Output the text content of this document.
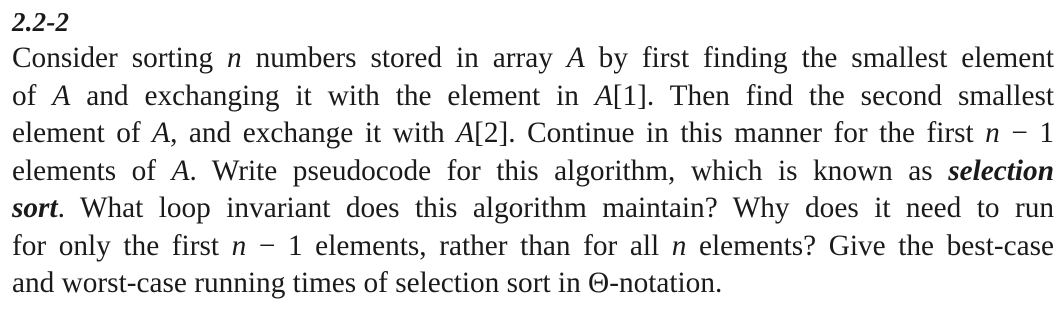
2.2-2
Consider sorting n numbers stored in array A by first finding the smallest element
of A and exchanging it with the element in A[1]. Then find the second smallest
element of A, and exchange it with A[2]. Continue in this manner for the first n − 1
elements of A. Write pseudocode for this algorithm, which is known as selection
sort. What loop invariant does this algorithm maintain? Why does it need to run
for only the first n − 1 elements, rather than for all n elements? Give the best-case
and worst-case running times of selection sort in Θ-notation.
